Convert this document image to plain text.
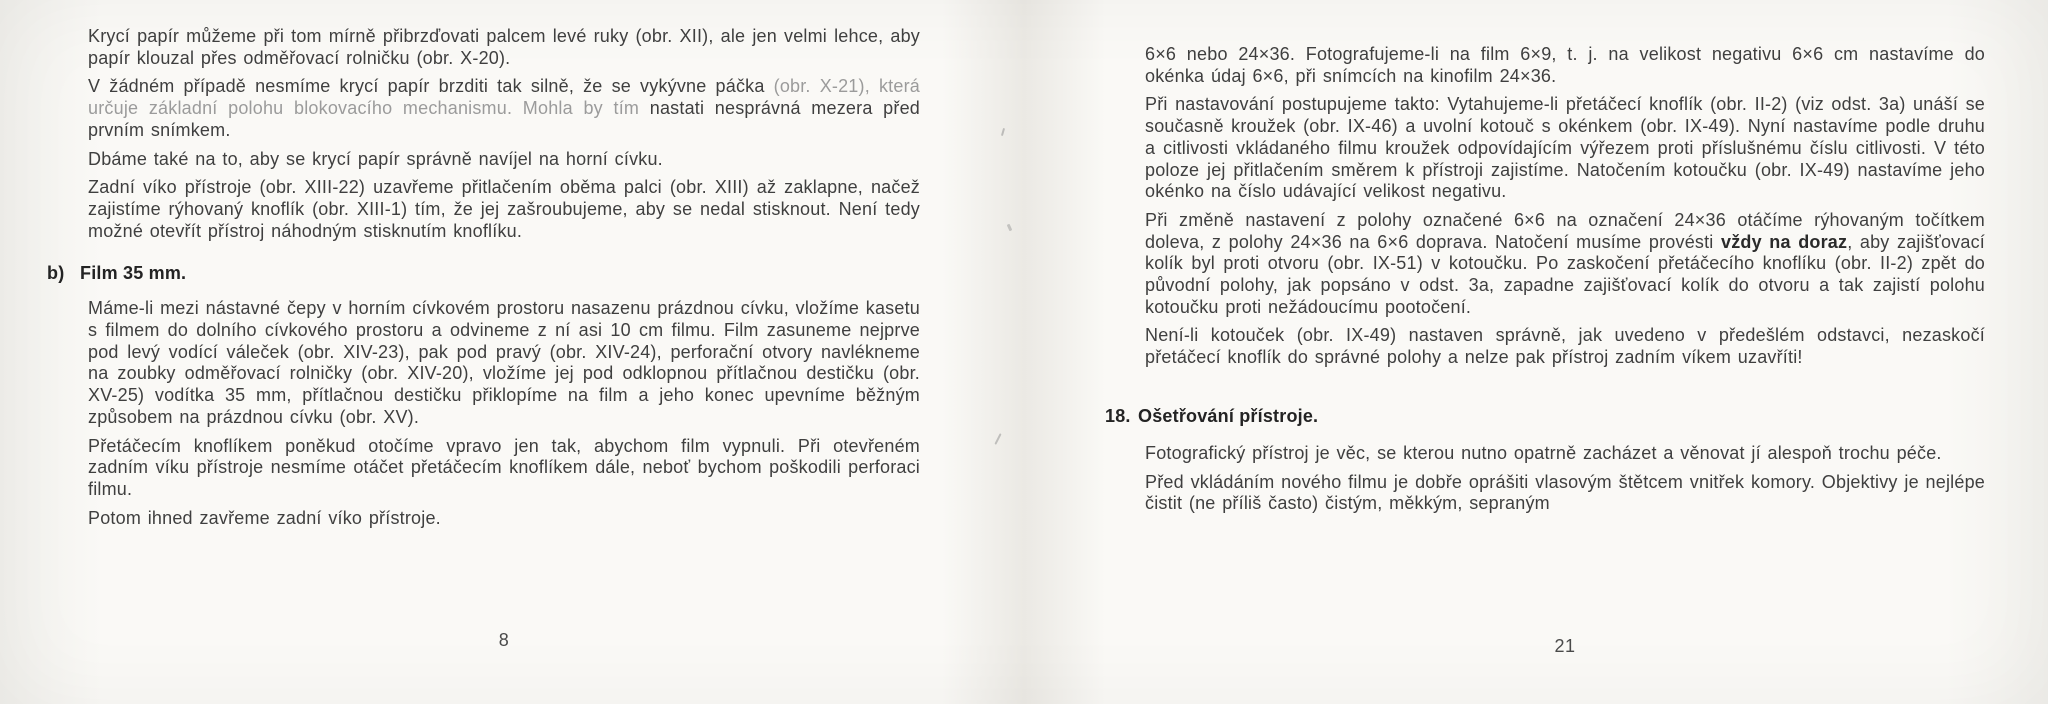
Krycí papír můžeme při tom mírně přibrzďovati palcem levé ruky (obr. XII), ale jen velmi lehce, aby papír klouzal přes odměřovací rolničku (obr. X-20).

V žádném případě nesmíme krycí papír brzditi tak silně, že se vykývne páčka (obr. X-21), která určuje základní polohu blokovacího mechanismu. Mohla by tím nastati nesprávná mezera před prvním snímkem.

Dbáme také na to, aby se krycí papír správně navíjel na horní cívku.

Zadní víko přístroje (obr. XIII-22) uzavřeme přitlačením oběma palci (obr. XIII) až zaklapne, načež zajistíme rýhovaný knoflík (obr. XIII-1) tím, že jej zašroubujeme, aby se nedal stisknout. Není tedy možné otevřít přístroj náhodným stisknutím knoflíku.

b) Film 35 mm.

Máme-li mezi nástavné čepy v horním cívkovém prostoru nasazenu prázdnou cívku, vložíme kasetu s filmem do dolního cívkového prostoru a odvineme z ní asi 10 cm filmu. Film zasuneme nejprve pod levý vodící váleček (obr. XIV-23), pak pod pravý (obr. XIV-24), perforační otvory navlékneme na zoubky odměřovací rolničky (obr. XIV-20), vložíme jej pod odklopnou přítlačnou destičku (obr. XV-25) vodítka 35 mm, přítlačnou destičku přiklopíme na film a jeho konec upevníme běžným způsobem na prázdnou cívku (obr. XV).

Přetáčecím knoflíkem poněkud otočíme vpravo jen tak, abychom film vypnuli. Při otevřeném zadním víku přístroje nesmíme otáčet přetáčecím knoflíkem dále, neboť bychom poškodili perforaci filmu.

Potom ihned zavřeme zadní víko přístroje.

8

6×6 nebo 24×36. Fotografujeme-li na film 6×9, t. j. na velikost negativu 6×6 cm nastavíme do okénka údaj 6×6, při snímcích na kinofilm 24×36.

Při nastavování postupujeme takto: Vytahujeme-li přetáčecí knoflík (obr. II-2) (viz odst. 3a) unáší se současně kroužek (obr. IX-46) a uvolní kotouč s okénkem (obr. IX-49). Nyní nastavíme podle druhu a citlivosti vkládaného filmu kroužek odpovídajícím výřezem proti příslušnému číslu citlivosti. V této poloze jej přitlačením směrem k přístroji zajistíme. Natočením kotoučku (obr. IX-49) nastavíme jeho okénko na číslo udávající velikost negativu.

Při změně nastavení z polohy označené 6×6 na označení 24×36 otáčíme rýhovaným točítkem doleva, z polohy 24×36 na 6×6 doprava. Natočení musíme provésti vždy na doraz, aby zajišťovací kolík byl proti otvoru (obr. IX-51) v kotoučku. Po zaskočení přetáčecího knoflíku (obr. II-2) zpět do původní polohy, jak popsáno v odst. 3a, zapadne zajišťovací kolík do otvoru a tak zajistí polohu kotoučku proti nežádoucímu pootočení.

Není-li kotouček (obr. IX-49) nastaven správně, jak uvedeno v předešlém odstavci, nezaskočí přetáčecí knoflík do správné polohy a nelze pak přístroj zadním víkem uzavříti!

18. Ošetřování přístroje.

Fotografický přístroj je věc, se kterou nutno opatrně zacházet a věnovat jí alespoň trochu péče.

Před vkládáním nového filmu je dobře oprášiti vlasovým štětcem vnitřek komory. Objektivy je nejlépe čistit (ne příliš často) čistým, měkkým, sepraným

21
